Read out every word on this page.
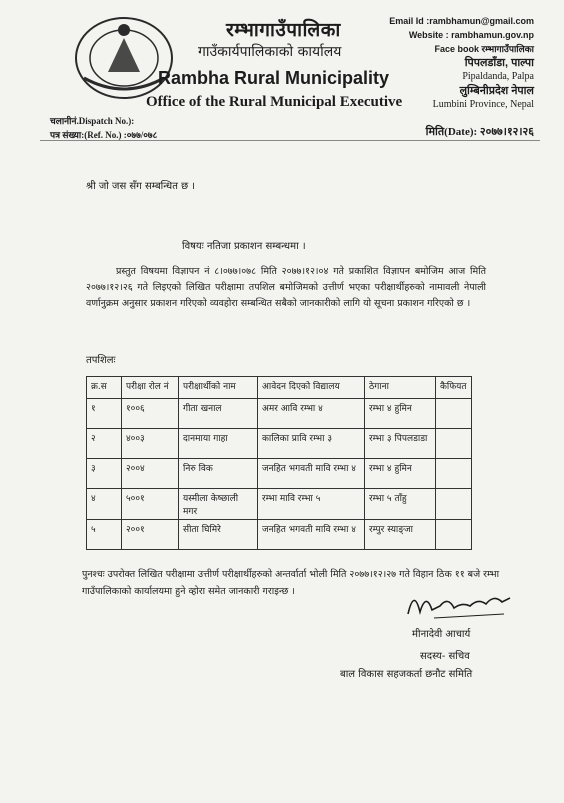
रम्भागाउँपालिका
गाउँकार्यपालिकाको कार्यालय
Rambha Rural Municipality
Office of the Rural Municipal Executive
Email Id :rambhamun@gmail.com
Website : rambhamun.gov.np
Face book रम्भागाउँपालिका
पिपलडाँडा, पाल्पा
Pipaldanda, Palpa
लुम्बिनीप्रदेश नेपाल
Lumbini Province, Nepal
चलानीनं.Dispatch No.):
पत्र संख्या:(Ref. No.) :०७७/०७८	मिति(Date): २०७७।१२।२६
श्री जो जस सँग सम्बन्धित छ ।
विषयः नतिजा प्रकाशन सम्बन्धमा ।
प्रस्तुत विषयमा विज्ञापन नं ८।०७७।०७८ मिति २०७७।१२।०४ गते प्रकाशित विज्ञापन बमोजिम आज मिति २०७७।१२।२६ गते लिइएको लिखित परीक्षामा तपशिल बमोजिमको उत्तीर्ण भएका परीक्षार्थीहरुको नामावली नेपाली वर्णानुक्रम अनुसार प्रकाशन गरिएको व्यवहोरा सम्बन्धित सबैको जानकारीको लागि यो सूचना प्रकाशन गरिएको छ ।
तपशिलः
क्र.स	परीक्षा रोल नं	परीक्षार्थीको नाम	आवेदन दिएको विद्यालय	ठेगाना	कैफियत
१	१००६	गीता खनाल	अमर आवि रम्भा ४	रम्भा ४ हुमिन	
२	४००३	दानमाया गाहा	कालिका प्रावि रम्भा ३	रम्भा ३ पिपलडाडा	
३	२००४	निरु विक	जनहित भगवती मावि रम्भा ४	रम्भा ४ हुमिन	
४	५००१	यस्मीला केष्छाली मगर	रम्भा मावि रम्भा ५	रम्भा ५ ताँहु	
५	२००१	सीता घिमिरे	जनहित भगवती मावि रम्भा ४	रम्पुर स्याङ्जा	
पुनश्चः उपरोक्त लिखित परीक्षामा उत्तीर्ण परीक्षार्थीहरुको अन्तर्वार्ता भोली मिति २०७७।१२।२७ गते विहान ठिक ११ बजे रम्भा गाउँपालिकाको कार्यालयमा हुने व्होरा समेत जानकारी गराइन्छ ।
मीनादेवी आचार्य
सदस्य- सचिव
बाल विकास सहजकर्ता छनौट समिति
